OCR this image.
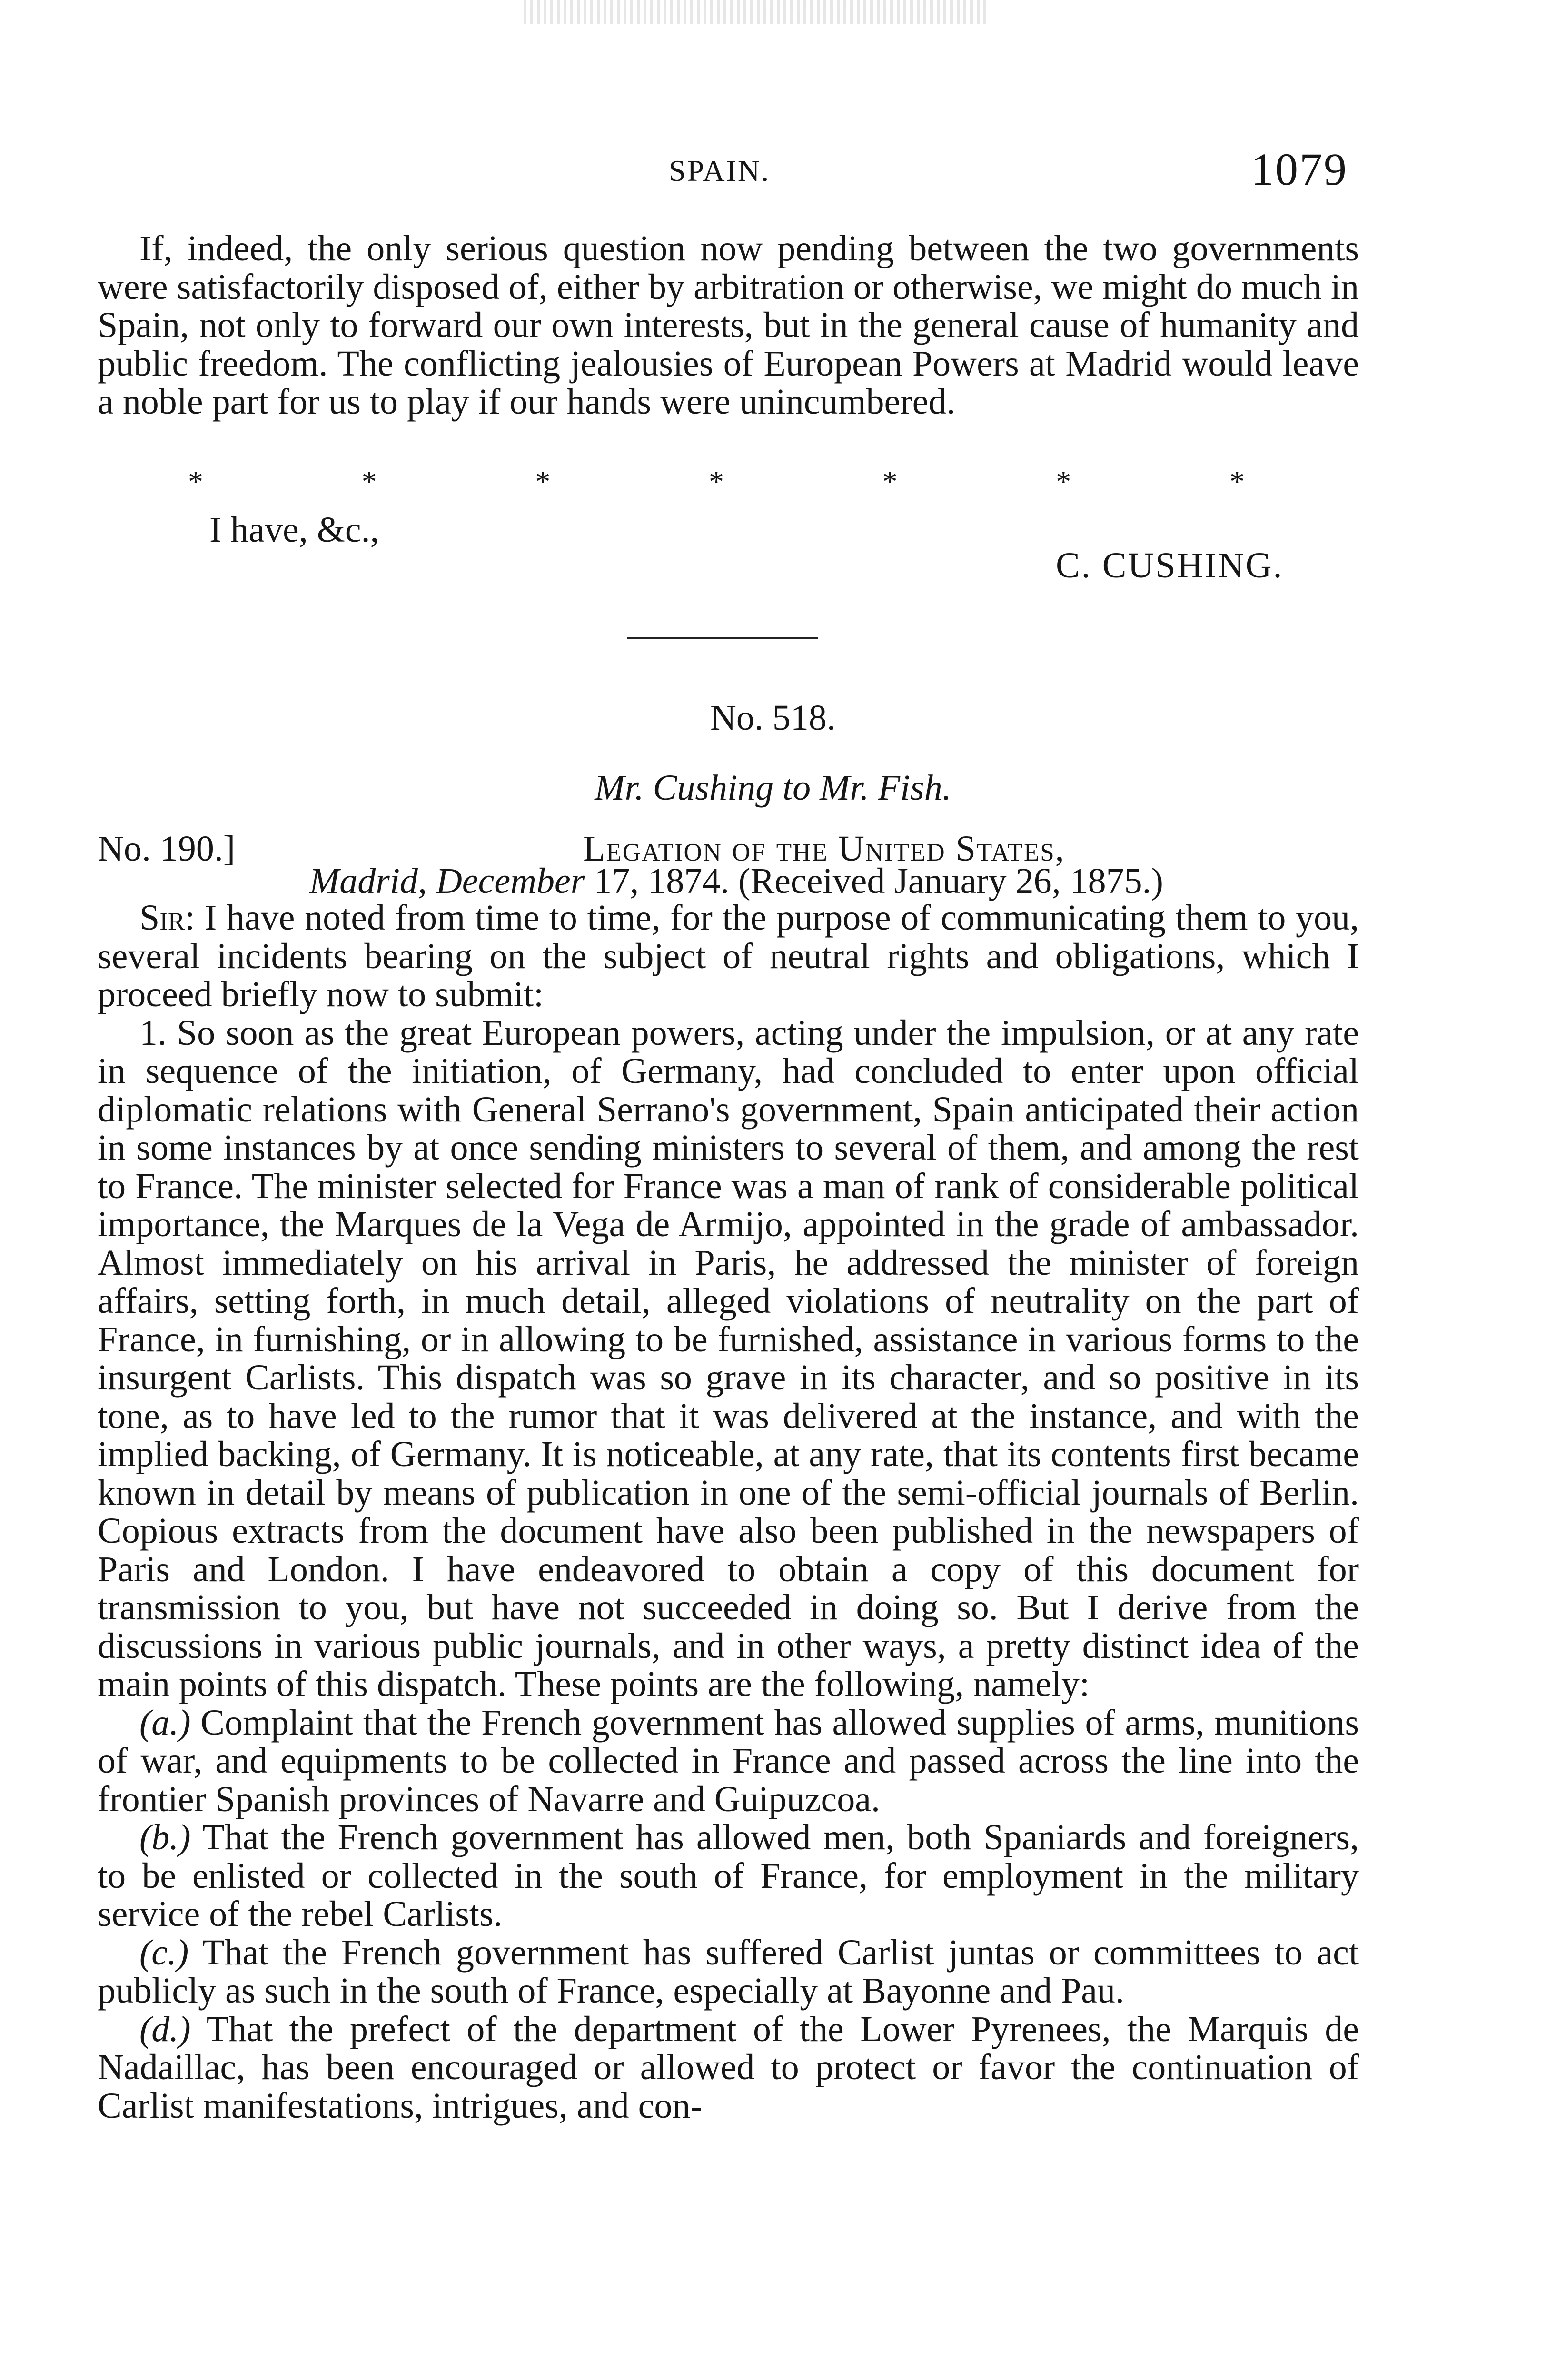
SPAIN.	1079

If, indeed, the only serious question now pending between the two governments were satisfactorily disposed of, either by arbitration or otherwise, we might do much in Spain, not only to forward our own interests, but in the general cause of humanity and public freedom. The conflicting jealousies of European Powers at Madrid would leave a noble part for us to play if our hands were unincumbered.

*	*	*	*	*	*	*
I have, &c.,
C. CUSHING.
No. 518.
Mr. Cushing to Mr. Fish.
No. 190.]	Legation of the United States,
Madrid, December 17, 1874. (Received January 26, 1875.)

Sir: I have noted from time to time, for the purpose of communicating them to you, several incidents bearing on the subject of neutral rights and obligations, which I proceed briefly now to submit:

1. So soon as the great European powers, acting under the impulsion, or at any rate in sequence of the initiation, of Germany, had concluded to enter upon official diplomatic relations with General Serrano's government, Spain anticipated their action in some instances by at once sending ministers to several of them, and among the rest to France. The minister selected for France was a man of rank of considerable political importance, the Marques de la Vega de Armijo, appointed in the grade of ambassador. Almost immediately on his arrival in Paris, he addressed the minister of foreign affairs, setting forth, in much detail, alleged violations of neutrality on the part of France, in furnishing, or in allowing to be furnished, assistance in various forms to the insurgent Carlists. This dispatch was so grave in its character, and so positive in its tone, as to have led to the rumor that it was delivered at the instance, and with the implied backing, of Germany. It is noticeable, at any rate, that its contents first became known in detail by means of publication in one of the semi-official journals of Berlin. Copious extracts from the document have also been published in the newspapers of Paris and London. I have endeavored to obtain a copy of this document for transmission to you, but have not succeeded in doing so. But I derive from the discussions in various public journals, and in other ways, a pretty distinct idea of the main points of this dispatch. These points are the following, namely:

(a.) Complaint that the French government has allowed supplies of arms, munitions of war, and equipments to be collected in France and passed across the line into the frontier Spanish provinces of Navarre and Guipuzcoa.

(b.) That the French government has allowed men, both Spaniards and foreigners, to be enlisted or collected in the south of France, for employment in the military service of the rebel Carlists.

(c.) That the French government has suffered Carlist juntas or committees to act publicly as such in the south of France, especially at Bayonne and Pau.

(d.) That the prefect of the department of the Lower Pyrenees, the Marquis de Nadaillac, has been encouraged or allowed to protect or favor the continuation of Carlist manifestations, intrigues, and con-
